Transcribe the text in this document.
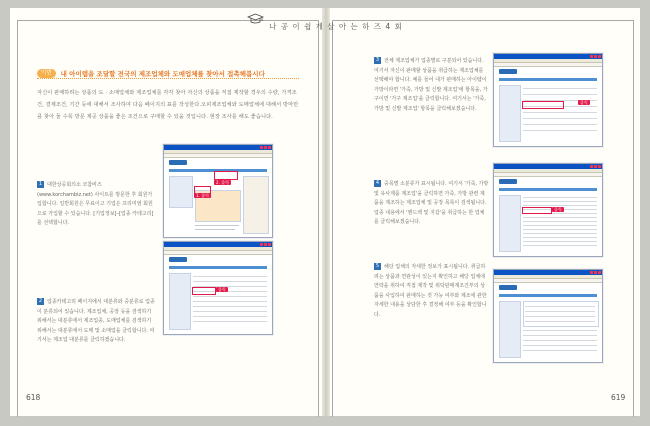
나 공 이 쉽 게 살 아 는 하 즈 4 회
이번	내 아이템을 조달할 전국의 제조업체와 도매업체를 찾아서 접촉해봅시다
자신이 판매하려는 상품의 도 · 소매업체와 제조업체를 각각 찾아 자신의 상품을 직접 제작할 경우의 수량, 가격조건, 결제조건, 기간 등에 대해서 조사하여 다음 페이지의 표를 작성한다.오피제조업체와 도매업체에 대해서 방마만큼 찾아 둘 수록 방문 제공 상품을 좋은 조건으로 구매할 수 있을 것입니다. 현장 조사를 해도 좋습니다.
1 대한상공회의소 코참비즈(www.korchambiz.net) 사이트를 방문한 후 회원가입합니다. 일반회원은 무료이고 기업은 프리미엄 회원으로 가입할 수 있습니다. [기업정보]–[업종 카테고리]를 선택합니다.
2 업종카테고리 페이지에서 대분류와 중분류로 업종이 분류되어 있습니다. 제조업체, 공장 등을 검색하기 위해서는 대분류에서 제조업종, 도매업체를 검색하기 위해서는 대분류에서 도매 및 소매업을 클릭합니다. 여기서는 제조업 대분류를 클릭하겠습니다.
3 전체 제조업체가 업종별로 구분되어 있습니다. 여기서 자신이 판매할 상품을 취급하는 제조업체를 선택해야 합니다. 예를 들어 내가 판매하는 아이템이 가방이라면 '가죽, 가방 및 신발 제조업'에 항목을, 가구이면 '가구 제조업'을 클릭합니다. 여기서는 '가죽, 가방 및 신발 제조업' 항목을 클릭해보겠습니다.
4 중목별 소분류가 표시됩니다. 여기서 '가죽, 가방 및 유사제품 제조업'을 클릭하면 가죽, 가방 관련 제품을 제조하는 제조업체 및 공장 목록이 검색됩니다. 업종 내용에서 '핸드백 및 지갑'을 취급하는 한 업체를 클릭해보겠습니다.
5 해당 업체의 자세한 정보가 표시됩니다. 취급하려는 상품과 연관성이 있는지 확인하고 해당 업체에 연락을 취하여 직접 제작 및 위탁판매계조건부의 상품을 사입하여 판매하는 것 가능 여부와 제조에 관한 자세한 내용을 상담한 후 결정해 여부 등을 확인합니다.
2. 클릭
1. 클릭
클릭
클릭
클릭
618	619
